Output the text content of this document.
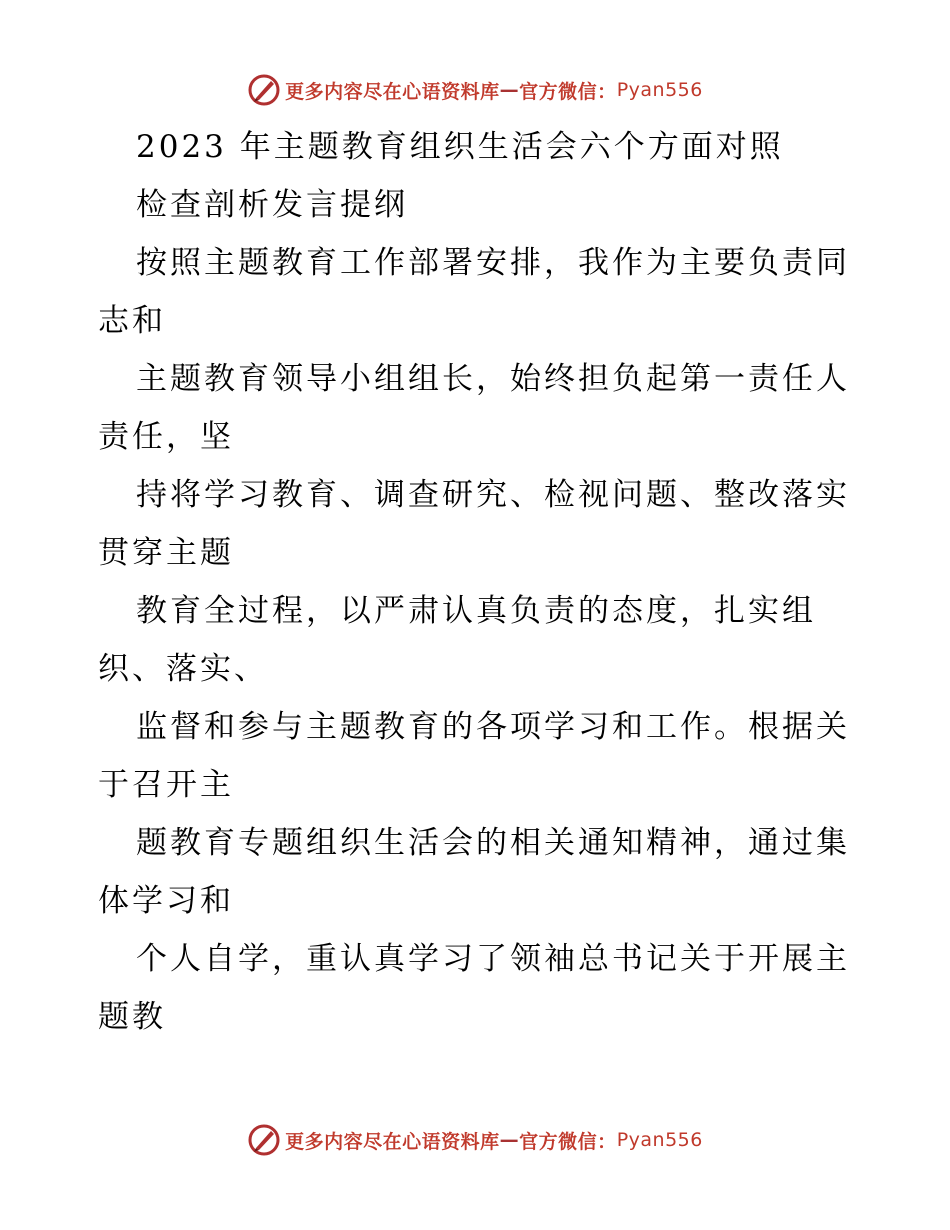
更多内容尽在心语资料库 — 官方微信： Pyan556
2023 年主题教育组织生活会六个方面对照
检查剖析发言提纲
按照主题教育工作部署安排，我作为主要负责同
志和
主题教育领导小组组长，始终担负起第一责任人
责任，坚
持将学习教育、调查研究、检视问题、整改落实
贯穿主题
教育全过程，以严肃认真负责的态度，扎实组
织、落实、
监督和参与主题教育的各项学习和工作。根据关
于召开主
题教育专题组织生活会的相关通知精神，通过集
体学习和
个人自学，重认真学习了领袖总书记关于开展主
题教
更多内容尽在心语资料库 — 官方微信： Pyan556
